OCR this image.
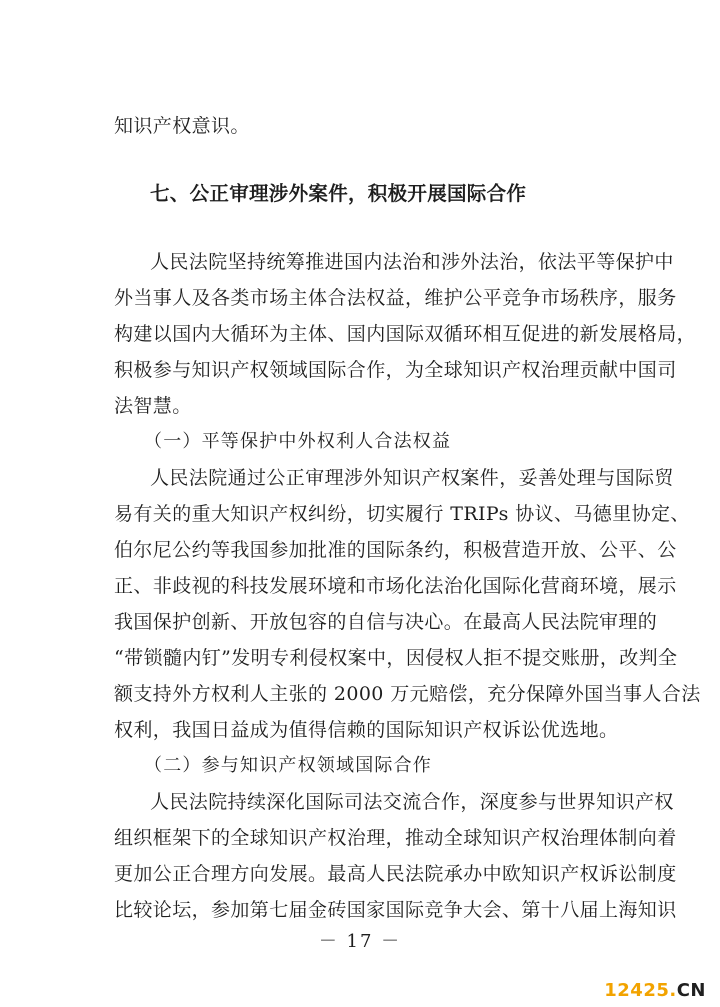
知识产权意识。
七、公正审理涉外案件，积极开展国际合作
人民法院坚持统筹推进国内法治和涉外法治，依法平等保护中
外当事人及各类市场主体合法权益，维护公平竞争市场秩序，服务
构建以国内大循环为主体、国内国际双循环相互促进的新发展格局，
积极参与知识产权领域国际合作，为全球知识产权治理贡献中国司
法智慧。
（一）平等保护中外权利人合法权益
人民法院通过公正审理涉外知识产权案件，妥善处理与国际贸
易有关的重大知识产权纠纷，切实履行 TRIPs 协议、马德里协定、
伯尔尼公约等我国参加批准的国际条约，积极营造开放、公平、公
正、非歧视的科技发展环境和市场化法治化国际化营商环境，展示
我国保护创新、开放包容的自信与决心。在最高人民法院审理的
“带锁髓内钉”发明专利侵权案中，因侵权人拒不提交账册，改判全
额支持外方权利人主张的 2000 万元赔偿，充分保障外国当事人合法
权利，我国日益成为值得信赖的国际知识产权诉讼优选地。
（二）参与知识产权领域国际合作
人民法院持续深化国际司法交流合作，深度参与世界知识产权
组织框架下的全球知识产权治理，推动全球知识产权治理体制向着
更加公正合理方向发展。最高人民法院承办中欧知识产权诉讼制度
比较论坛，参加第七届金砖国家国际竞争大会、第十八届上海知识
－ 17 －
12425.CN
